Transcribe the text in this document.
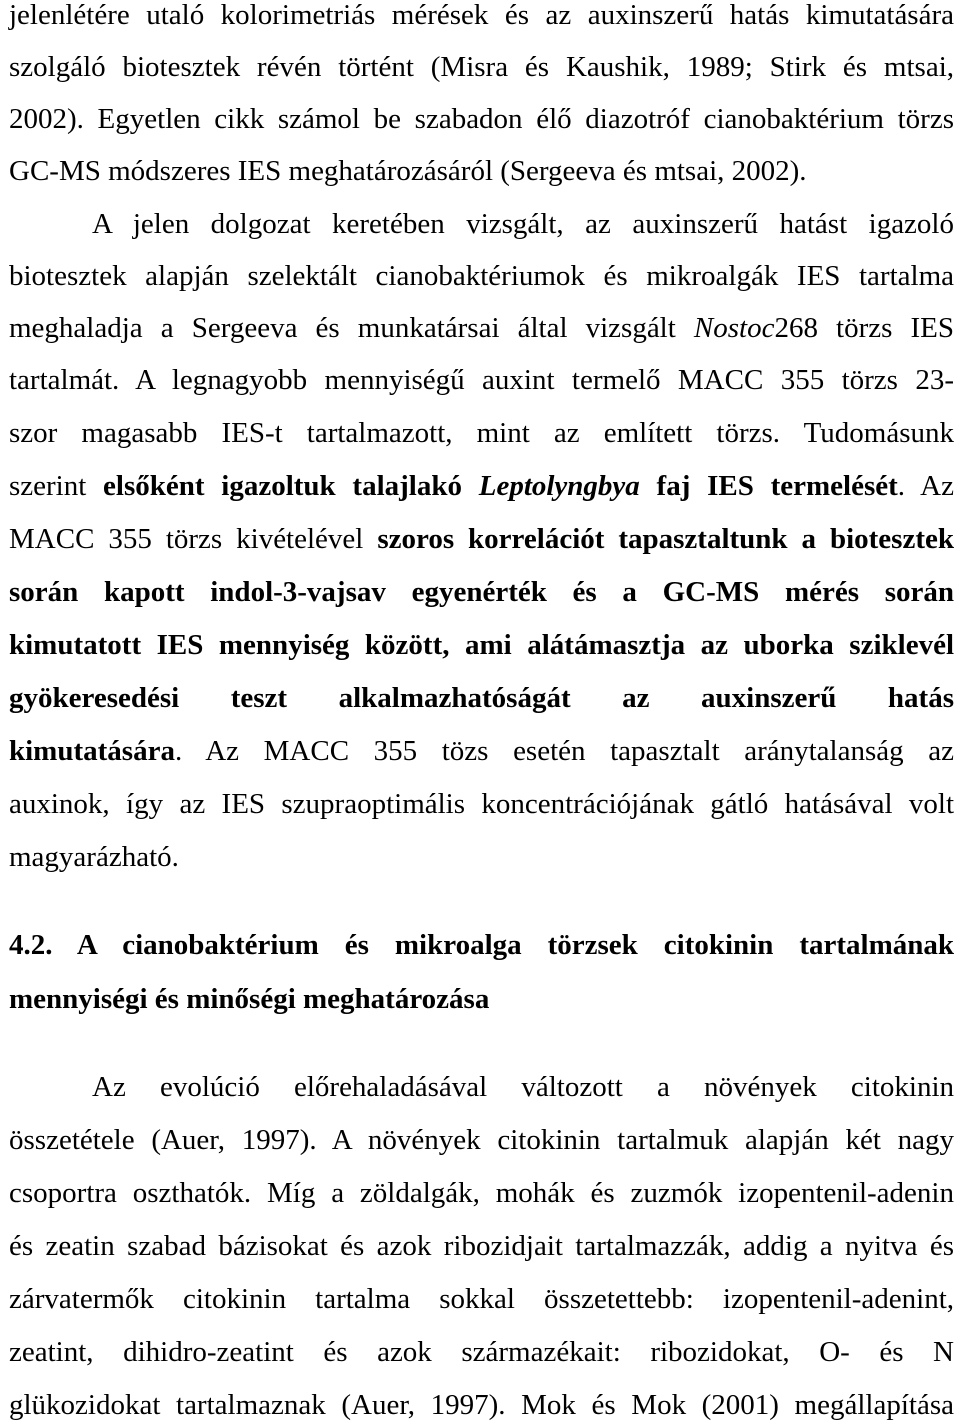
jelenlétére utaló kolorimetriás mérések és az auxinszerű hatás kimutatására
szolgáló biotesztek révén történt (Misra és Kaushik, 1989; Stirk és mtsai,
2002). Egyetlen cikk számol be szabadon élő diazotróf cianobaktérium törzs
GC-MS módszeres IES meghatározásáról (Sergeeva és mtsai, 2002).
A jelen dolgozat keretében vizsgált, az auxinszerű hatást igazoló
biotesztek alapján szelektált cianobaktériumok és mikroalgák IES tartalma
meghaladja a Sergeeva és munkatársai által vizsgált Nostoc268 törzs IES
tartalmát. A legnagyobb mennyiségű auxint termelő MACC 355 törzs 23-
szor magasabb IES-t tartalmazott, mint az említett törzs. Tudomásunk
szerint elsőként igazoltuk talajlakó Leptolyngbya faj IES termelését. Az
MACC 355 törzs kivételével szoros korrelációt tapasztaltunk a biotesztek
során kapott indol-3-vajsav egyenérték és a GC-MS mérés során
kimutatott IES mennyiség között, ami alátámasztja az uborka sziklevél
gyökeresedési teszt alkalmazhatóságát az auxinszerű hatás
kimutatására. Az MACC 355 tözs esetén tapasztalt aránytalanság az
auxinok, így az IES szupraoptimális koncentrációjának gátló hatásával volt
magyarázható.
4.2. A cianobaktérium és mikroalga törzsek citokinin tartalmának
mennyiségi és minőségi meghatározása
Az evolúció előrehaladásával változott a növények citokinin
összetétele (Auer, 1997). A növények citokinin tartalmuk alapján két nagy
csoportra oszthatók. Míg a zöldalgák, mohák és zuzmók izopentenil-adenin
és zeatin szabad bázisokat és azok ribozidjait tartalmazzák, addig a nyitva és
zárvatermők citokinin tartalma sokkal összetettebb: izopentenil-adenint,
zeatint, dihidro-zeatint és azok származékait: ribozidokat, O- és N
glükozidokat tartalmaznak (Auer, 1997). Mok és Mok (2001) megállapítása
